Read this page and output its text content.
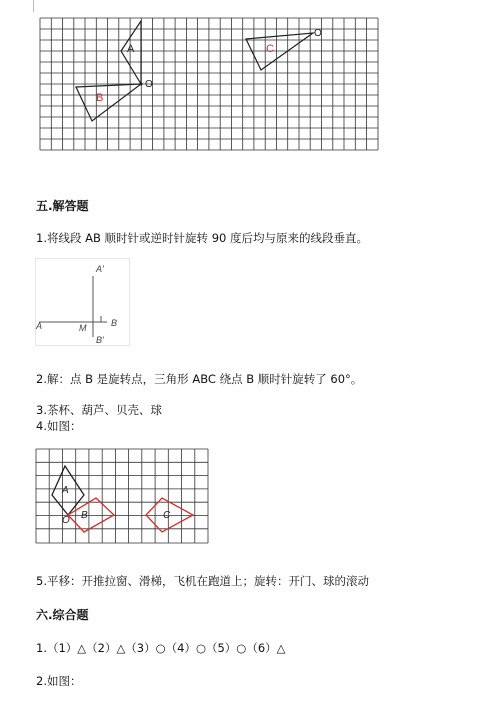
A
B
O
C
O
五.解答题
1.将线段 AB 顺时针或逆时针旋转 90 度后均与原来的线段垂直。
A′
A	M	B
B′
2.解：点 B 是旋转点，三角形 ABC 绕点 B 顺时针旋转了 60°。
3.茶杯、葫芦、贝壳、球
4.如图：
A
B
O	C
5.平移：开推拉窗、滑梯，飞机在跑道上；旋转：开门、球的滚动
六.综合题
1.（1）△（2）△（3）○（4）○（5）○（6）△
2.如图：
